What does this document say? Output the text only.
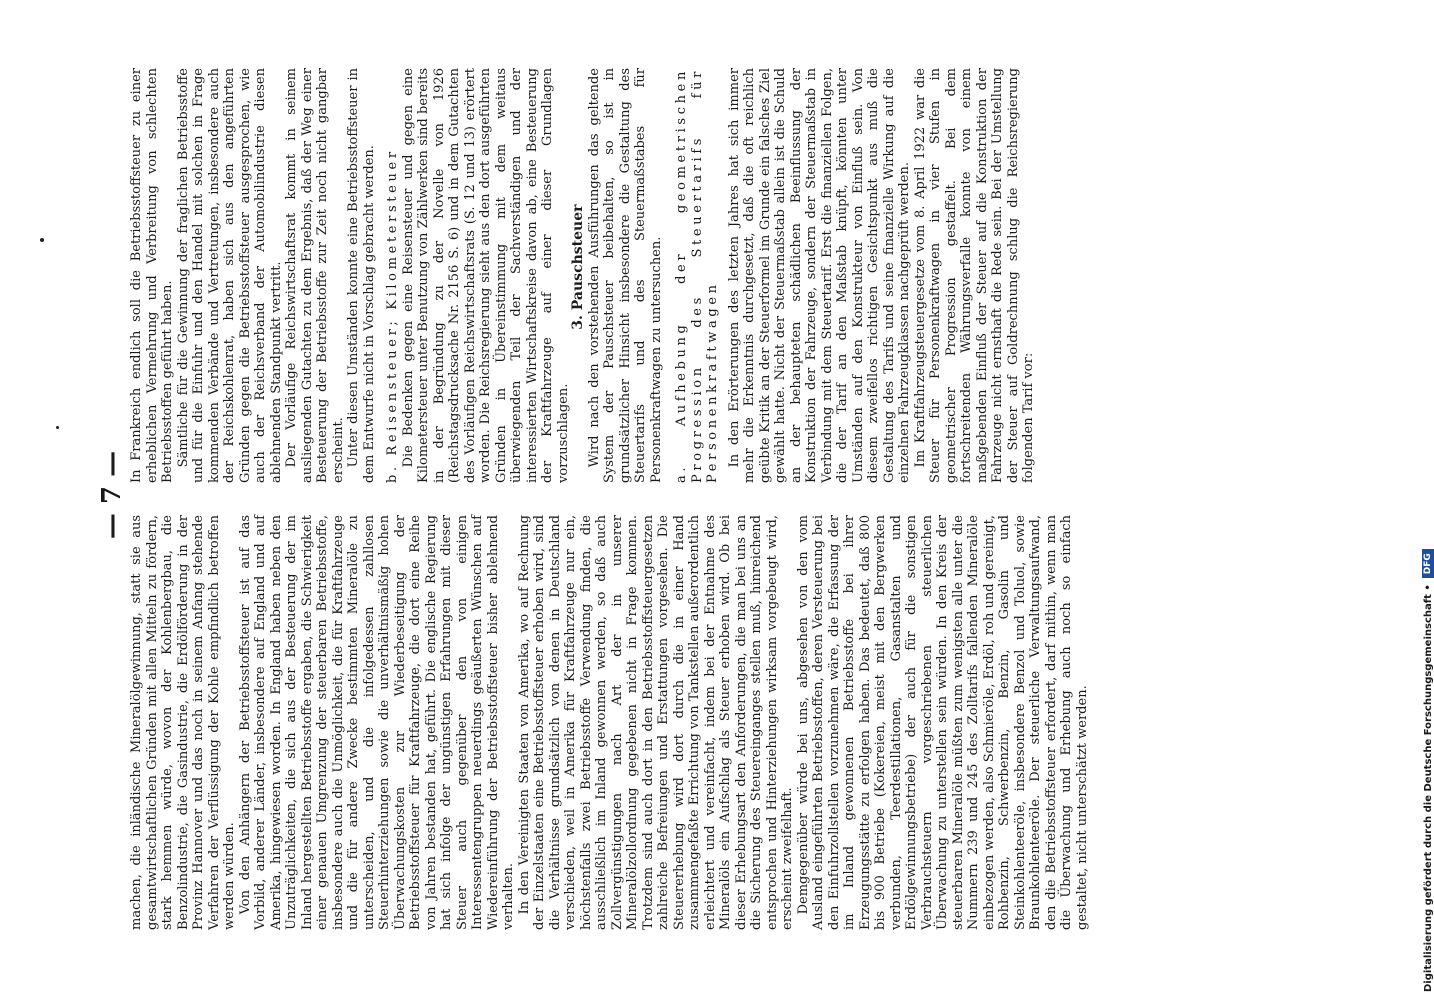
— 7 —

machen, die inländische Mineralölgewinnung, statt sie aus gesamtwirtschaftlichen Gründen mit allen Mitteln zu fördern, stark hemmen würde, wovon der Kohlenbergbau, die Benzolindustrie, die Gasindustrie, die Erdölförderung in der Provinz Hannover und das noch in seinem Anfang stehende Verfahren der Verflüssigung der Kohle empfindlich betroffen werden würden. Von den Anhängern der Betriebsstoffsteuer ist auf das Vorbild, anderer Länder, insbesondere auf England und auf Amerika, hingewiesen worden. In England haben neben den Unzuträglichkeiten, die sich aus der Besteuerung der im Inland hergestellten Betriebsstoffe ergaben, die Schwierigkeit einer genauen Umgrenzung der steuerbaren Betriebsstoffe, insbesondere auch die Unmöglichkeit, die für Kraftfahrzeuge und die für andere Zwecke bestimmten Mineralöle zu unterscheiden, und die infolgedessen zahllosen Steuerhinterziehungen sowie die unverhältnismäßig hohen Überwachungskosten zur Wiederbeseitigung der Betriebsstoffsteuer für Kraftfahrzeuge, die dort eine Reihe von Jahren bestanden hat, geführt. Die englische Regierung hat sich infolge der ungünstigen Erfahrungen mit dieser Steuer auch gegenüber den von einigen Interessentengruppen neuerdings geäußerten Wünschen auf Wiedereinführung der Betriebsstoffsteuer bisher ablehnend verhalten. In den Vereinigten Staaten von Amerika, wo auf Rechnung der Einzelstaaten eine Betriebsstoffsteuer erhoben wird, sind die Verhältnisse grundsätzlich von denen in Deutschland verschieden, weil in Amerika für Kraftfahrzeuge nur ein, höchstenfalls zwei Betriebsstoffe Verwendung finden, die ausschließlich im Inland gewonnen werden, so daß auch Zollvergünstigungen nach Art der in unserer Mineralölzollordnung gegebenen nicht in Frage kommen. Trotzdem sind auch dort in den Betriebsstoffsteuergesetzen zahlreiche Befreiungen und Erstattungen vorgesehen. Die Steuererhebung wird dort durch die in einer Hand zusammengefaßte Errichtung von Tankstellen außerordentlich erleichtert und vereinfacht, indem bei der Entnahme des Mineralöls ein Aufschlag als Steuer erhoben wird. Ob bei dieser Erhebungsart den Anforderungen, die man bei uns an die Sicherung des Steuereinganges stellen muß, hinreichend entsprochen und Hinterziehungen wirksam vorgebeugt wird, erscheint zweifelhaft. Demgegenüber würde bei uns, abgesehen von den vom Ausland eingeführten Betriebsstoffen, deren Versteuerung bei den Einfuhrzollstellen vorzunehmen wäre, die Erfassung der im Inland gewonnenen Betriebsstoffe bei ihrer Erzeugungsstätte zu erfolgen haben. Das bedeutet, daß 800 bis 900 Betriebe (Kokereien, meist mit den Bergwerken verbunden, Teerdestillationen, Gasanstalten und Erdölgewinnungsbetriebe) der auch für die sonstigen Verbrauchsteuern vorgeschriebenen steuerlichen Überwachung zu unterstellen sein würden. In den Kreis der steuerbaren Mineralöle müßten zum wenigsten alle unter die Nummern 239 und 245 des Zolltarifs fallenden Mineralöle einbezogen werden, also Schmieröle, Erdöl, roh und gereinigt, Rohbenzin, Schwerbenzin, Benzin, Gasolin und Steinkohlenteeröle, insbesondere Benzol und Toluol, sowie Braunkohlenteeröle. Der steuerliche Verwaltungsaufwand, den die Betriebsstoffsteuer erfordert, darf mithin, wenn man die Überwachung und Erhebung auch noch so einfach gestaltet, nicht unterschätzt werden.

In Frankreich endlich soll die Betriebsstoffsteuer zu einer erheblichen Vermehrung und Verbreitung von schlechten Betriebsstoffen geführt haben. Sämtliche für die Gewinnung der fraglichen Betriebsstoffe und für die Einfuhr und den Handel mit solchen in Frage kommenden Verbände und Vertretungen, insbesondere auch der Reichskohlenrat, haben sich aus den angeführten Gründen gegen die Betriebsstoffsteuer ausgesprochen, wie auch der Reichsverband der Automobilindustrie diesen ablehnenden Standpunkt vertritt. Der Vorläufige Reichswirtschaftsrat kommt in seinem ausliegenden Gutachten zu dem Ergebnis, daß der Weg einer Besteuerung der Betriebsstoffe zur Zeit noch nicht gangbar erscheint. Unter diesen Umständen konnte eine Betriebsstoffsteuer in dem Entwurfe nicht in Vorschlag gebracht werden. b. Reisensteuer; Kilometersteuer Die Bedenken gegen eine Reisensteuer und gegen eine Kilometersteuer unter Benutzung von Zählwerken sind bereits in der Begründung zu der Novelle von 1926 (Reichstagsdrucksache Nr. 2156 S. 6) und in dem Gutachten des Vorläufigen Reichswirtschaftsrats (S. 12 und 13) erörtert worden. Die Reichsregierung sieht aus den dort ausgeführten Gründen in Übereinstimmung mit dem weitaus überwiegenden Teil der Sachverständigen und der interessierten Wirtschaftskreise davon ab, eine Besteuerung der Kraftfahrzeuge auf einer dieser Grundlagen vorzuschlagen.

3. Pauschsteuer Wird nach den vorstehenden Ausführungen das geltende System der Pauschsteuer beibehalten, so ist in grundsätzlicher Hinsicht insbesondere die Gestaltung des Steuertarifs und des Steuermaßstabes für Personenkraftwagen zu untersuchen. a. Aufhebung der geometrischen Progression des Steuertarifs für Personenkraftwagen In den Erörterungen des letzten Jahres hat sich immer mehr die Erkenntnis durchgesetzt, daß die oft reichlich geübte Kritik an der Steuerformel im Grunde ein falsches Ziel gewählt hatte. Nicht der Steuermaßstab allein ist die Schuld an der behaupteten schädlichen Beeinflussung der Konstruktion der Fahrzeuge, sondern der Steuermaßstab in Verbindung mit dem Steuertarif. Erst die finanziellen Folgen, die der Tarif an den Maßstab knüpft, könnten unter Umständen auf den Konstrukteur von Einfluß sein. Von diesem zweifellos richtigen Gesichtspunkt aus muß die Gestaltung des Tarifs und seine finanzielle Wirkung auf die einzelnen Fahrzeugklassen nachgeprüft werden. Im Kraftfahrzeugsteuergesetze vom 8. April 1922 war die Steuer für Personenkraftwagen in vier Stufen in geometrischer Progression gestaffelt. Bei dem fortschreitenden Währungsverfalle konnte von einem maßgebenden Einfluß der Steuer auf die Konstruktion der Fahrzeuge nicht ernsthaft die Rede sein. Bei der Umstellung der Steuer auf Goldrechnung schlug die Reichsregierung folgenden Tarif vor:

Digitalisierung gefördert durch die Deutsche Forschungsgemeinschaft •
DFG
